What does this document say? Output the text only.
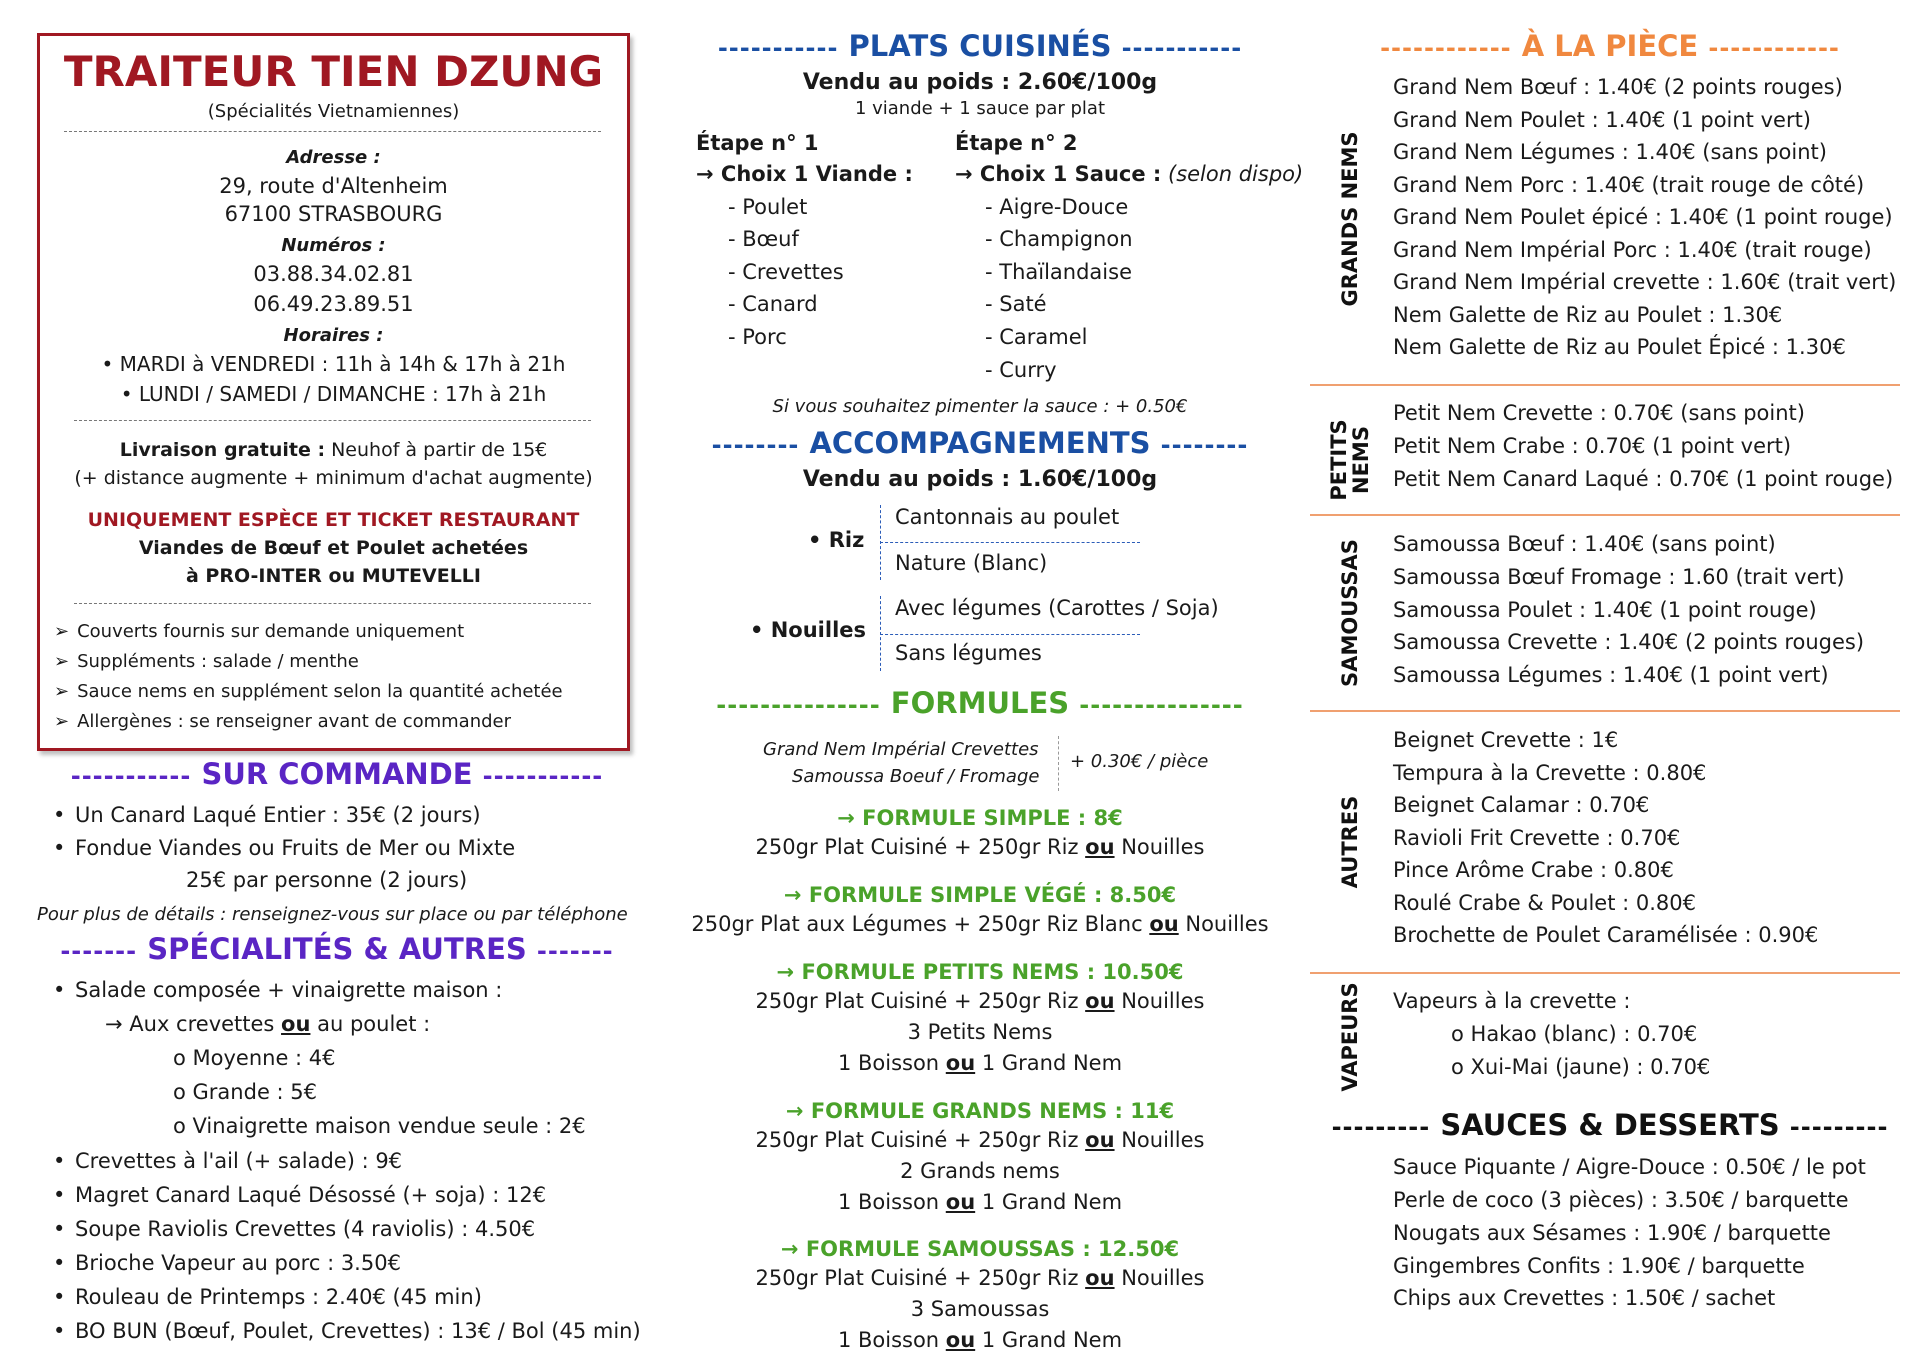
TRAITEUR TIEN DZUNG
(Spécialités Vietnamiennes)
Adresse :
29, route d'Altenheim
67100 STRASBOURG
Numéros :
03.88.34.02.81
06.49.23.89.51
Horaires :
• MARDI à VENDREDI : 11h à 14h & 17h à 21h
• LUNDI / SAMEDI / DIMANCHE : 17h à 21h
Livraison gratuite : Neuhof à partir de 15€
(+ distance augmente + minimum d'achat augmente)
UNIQUEMENT ESPÈCE ET TICKET RESTAURANT
Viandes de Bœuf et Poulet achetées
à PRO-INTER ou MUTEVELLI
➢ Couverts fournis sur demande uniquement
➢ Suppléments : salade / menthe
➢ Sauce nems en supplément selon la quantité achetée
➢ Allergènes : se renseigner avant de commander
----------- SUR COMMANDE -----------
• Un Canard Laqué Entier : 35€ (2 jours)
• Fondue Viandes ou Fruits de Mer ou Mixte
25€ par personne (2 jours)
Pour plus de détails : renseignez-vous sur place ou par téléphone
------- SPÉCIALITÉS & AUTRES -------
• Salade composée + vinaigrette maison :
→ Aux crevettes ou au poulet :
o Moyenne : 4€
o Grande : 5€
o Vinaigrette maison vendue seule : 2€
• Crevettes à l'ail (+ salade) : 9€
• Magret Canard Laqué Désossé (+ soja) : 12€
• Soupe Raviolis Crevettes (4 raviolis) : 4.50€
• Brioche Vapeur au porc : 3.50€
• Rouleau de Printemps : 2.40€ (45 min)
• BO BUN (Bœuf, Poulet, Crevettes) : 13€ / Bol (45 min)
----------- PLATS CUISINÉS -----------
Vendu au poids : 2.60€/100g
1 viande + 1 sauce par plat
Étape n° 1
→ Choix 1 Viande :
- Poulet
- Bœuf
- Crevettes
- Canard
- Porc
Étape n° 2
→ Choix 1 Sauce : (selon dispo)
- Aigre-Douce
- Champignon
- Thaïlandaise
- Saté
- Caramel
- Curry
Si vous souhaitez pimenter la sauce : + 0.50€
-------- ACCOMPAGNEMENTS --------
Vendu au poids : 1.60€/100g
• Riz
Cantonnais au poulet
Nature (Blanc)
• Nouilles
Avec légumes (Carottes / Soja)
Sans légumes
--------------- FORMULES ---------------
Grand Nem Impérial Crevettes
Samoussa Boeuf / Fromage
+ 0.30€ / pièce
→ FORMULE SIMPLE : 8€
250gr Plat Cuisiné + 250gr Riz ou Nouilles
→ FORMULE SIMPLE VÉGÉ : 8.50€
250gr Plat aux Légumes + 250gr Riz Blanc ou Nouilles
→ FORMULE PETITS NEMS : 10.50€
250gr Plat Cuisiné + 250gr Riz ou Nouilles
3 Petits Nems
1 Boisson ou 1 Grand Nem
→ FORMULE GRANDS NEMS : 11€
250gr Plat Cuisiné + 250gr Riz ou Nouilles
2 Grands nems
1 Boisson ou 1 Grand Nem
→ FORMULE SAMOUSSAS : 12.50€
250gr Plat Cuisiné + 250gr Riz ou Nouilles
3 Samoussas
1 Boisson ou 1 Grand Nem
------------ À LA PIÈCE ------------
GRANDS NEMS
Grand Nem Bœuf : 1.40€ (2 points rouges)
Grand Nem Poulet : 1.40€ (1 point vert)
Grand Nem Légumes : 1.40€ (sans point)
Grand Nem Porc : 1.40€ (trait rouge de côté)
Grand Nem Poulet épicé : 1.40€ (1 point rouge)
Grand Nem Impérial Porc : 1.40€ (trait rouge)
Grand Nem Impérial crevette : 1.60€ (trait vert)
Nem Galette de Riz au Poulet : 1.30€
Nem Galette de Riz au Poulet Épicé : 1.30€
PETITS
NEMS
Petit Nem Crevette : 0.70€ (sans point)
Petit Nem Crabe : 0.70€ (1 point vert)
Petit Nem Canard Laqué : 0.70€ (1 point rouge)
SAMOUSSAS Samoussa Bœuf : 1.40€ (sans point)
Samoussa Bœuf Fromage : 1.60 (trait vert)
Samoussa Poulet : 1.40€ (1 point rouge)
Samoussa Crevette : 1.40€ (2 points rouges)
Samoussa Légumes : 1.40€ (1 point vert)
AUTRES
Beignet Crevette : 1€
Tempura à la Crevette : 0.80€
Beignet Calamar : 0.70€
Ravioli Frit Crevette : 0.70€
Pince Arôme Crabe : 0.80€
Roulé Crabe & Poulet : 0.80€
Brochette de Poulet Caramélisée : 0.90€
VAPEURS Vapeurs à la crevette :
o Hakao (blanc) : 0.70€
o Xui-Mai (jaune) : 0.70€
--------- SAUCES & DESSERTS ---------
Sauce Piquante / Aigre-Douce : 0.50€ / le pot
Perle de coco (3 pièces) : 3.50€ / barquette
Nougats aux Sésames : 1.90€ / barquette
Gingembres Confits : 1.90€ / barquette
Chips aux Crevettes : 1.50€ / sachet
